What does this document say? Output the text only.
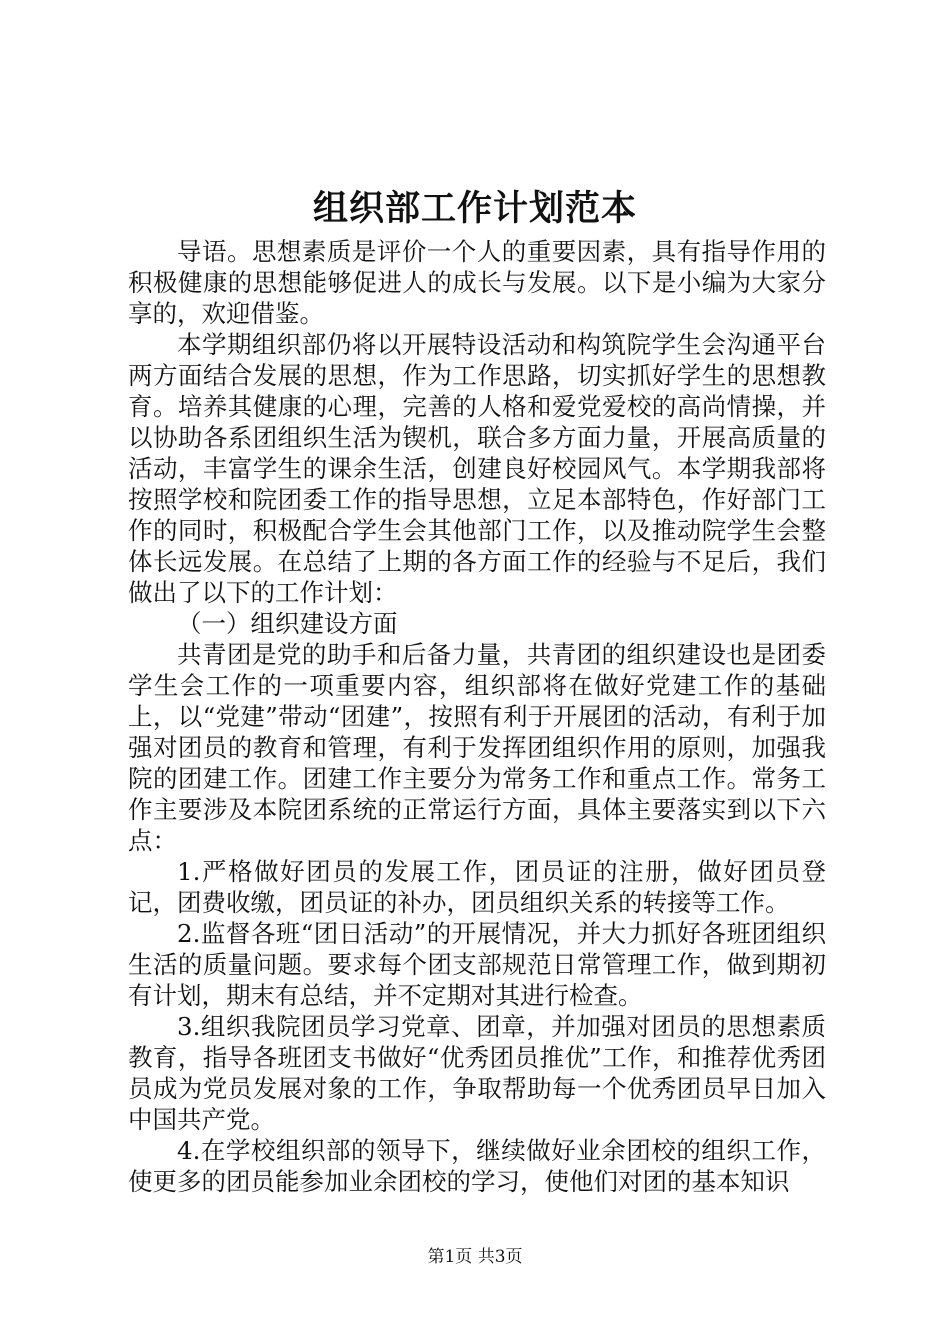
组织部工作计划范本

导语。思想素质是评价一个人的重要因素，具有指导作用的积极健康的思想能够促进人的成长与发展。以下是小编为大家分享的，欢迎借鉴。

本学期组织部仍将以开展特设活动和构筑院学生会沟通平台两方面结合发展的思想，作为工作思路，切实抓好学生的思想教育。培养其健康的心理，完善的人格和爱党爱校的高尚情操，并以协助各系团组织生活为锲机，联合多方面力量，开展高质量的活动，丰富学生的课余生活，创建良好校园风气。本学期我部将按照学校和院团委工作的指导思想，立足本部特色，作好部门工作的同时，积极配合学生会其他部门工作，以及推动院学生会整体长远发展。在总结了上期的各方面工作的经验与不足后，我们做出了以下的工作计划：

（一）组织建设方面

共青团是党的助手和后备力量，共青团的组织建设也是团委学生会工作的一项重要内容，组织部将在做好党建工作的基础上，以“党建”带动“团建”，按照有利于开展团的活动，有利于加强对团员的教育和管理，有利于发挥团组织作用的原则，加强我院的团建工作。团建工作主要分为常务工作和重点工作。常务工作主要涉及本院团系统的正常运行方面，具体主要落实到以下六点：

1.严格做好团员的发展工作，团员证的注册，做好团员登记，团费收缴，团员证的补办，团员组织关系的转接等工作。

2.监督各班“团日活动”的开展情况，并大力抓好各班团组织生活的质量问题。要求每个团支部规范日常管理工作，做到期初有计划，期末有总结，并不定期对其进行检查。

3.组织我院团员学习党章、团章，并加强对团员的思想素质教育，指导各班团支书做好“优秀团员推优”工作，和推荐优秀团员成为党员发展对象的工作，争取帮助每一个优秀团员早日加入中国共产党。

4.在学校组织部的领导下，继续做好业余团校的组织工作，使更多的团员能参加业余团校的学习，使他们对团的基本知识

第1页 共3页
